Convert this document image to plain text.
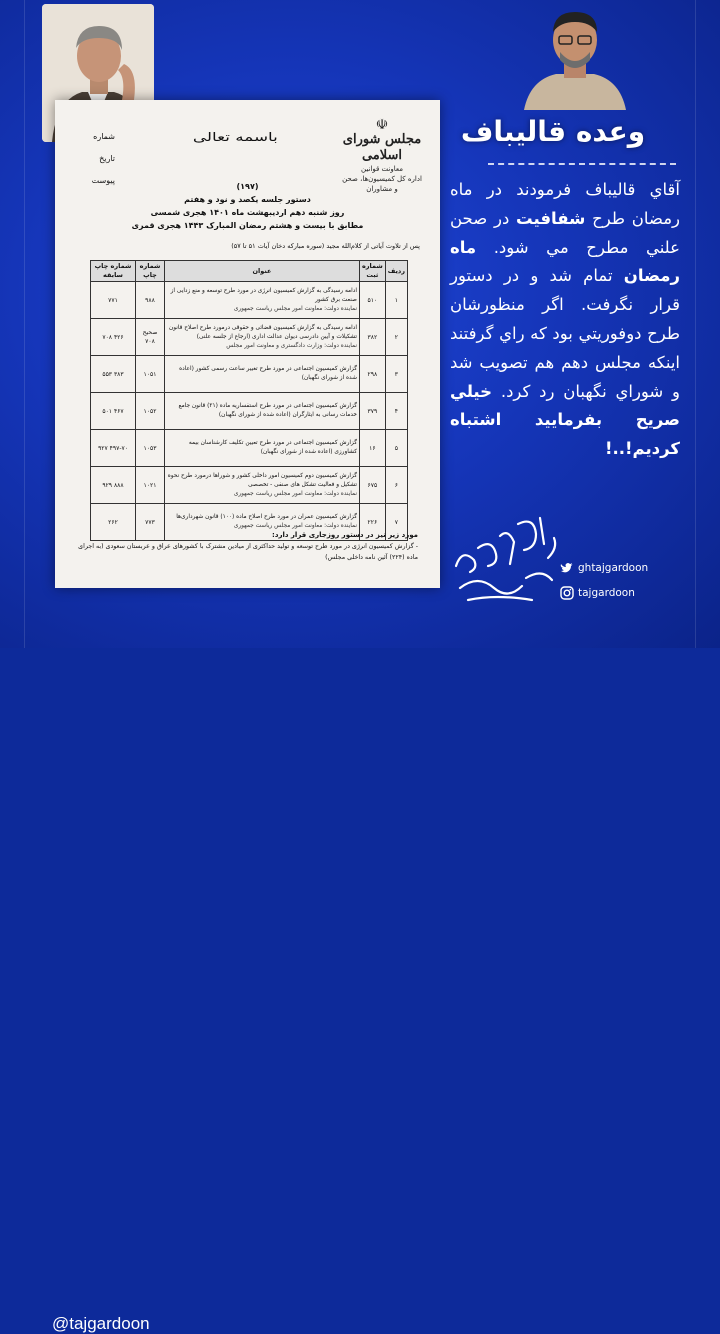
☫
مجلس شورای اسلامی
معاونت قوانین
اداره کل کمیسیون‌ها، صحن و مشاوران
شماره
تاریخ
پیوست
باسمه تعالی
(۱۹۷)
دستور جلسه یکصد و نود و هفتم
روز شنبه دهم اردیبهشت ماه ۱۴۰۱ هجری شمسی
مطابق با بیست و هشتم رمضان المبارک ۱۴۴۳ هجری قمری
پس از تلاوت آیاتی از کلام‌الله مجید (سوره مبارکه دخان آیات ۵۱ تا ۵۷)
ردیف	شماره ثبت	عنوان	شماره چاپ	شماره چاپ سابقه
۱	۵۱۰	ادامه رسیدگی به گزارش کمیسیون انرژی در مورد طرح توسعه و منع زدایی از صنعت برق کشور
نماینده دولت: معاونت امور مجلس ریاست جمهوری	۹۸۸	۷۷۱
۲	۳۸۲	ادامه رسیدگی به گزارش کمیسیون قضائی و حقوقی درمورد طرح اصلاح قانون تشکیلات و آیین دادرسی دیوان عدالت اداری (ارجاع از جلسه علنی)
نماینده دولت: وزارت دادگستری و معاونت امور مجلس	صحیح ۷۰۸	۴۲۶ ۷۰۸
۳	۲۹۸	گزارش کمیسیون اجتماعی در مورد طرح تغییر ساعت رسمی کشور (اعاده شده از شورای نگهبان)	۱۰۵۱	۳۸۳ ۵۵۳
۴	۳۷۹	گزارش کمیسیون اجتماعی در مورد طرح استفساریه ماده (۲۱) قانون جامع خدمات رسانی به ایثارگران (اعاده شده از شورای نگهبان)	۱۰۵۲	۴۶۷ ۵۰۱
۵	۱۶	گزارش کمیسیون اجتماعی در مورد طرح تعیین تکلیف کارشناسان بیمه کشاورزی (اعاده شده از شورای نگهبان)	۱۰۵۳	۴۹۷-۷۰ ۹۲۷
۶	۶۷۵	گزارش کمیسیون دوم کمیسیون امور داخلی کشور و شوراها درمورد طرح نحوه تشکیل و فعالیت تشکل های صنفی - تخصصی
نماینده دولت: معاونت امور مجلس ریاست جمهوری	۱۰۲۱	۸۸۸ ۹۲۹
۷	۲۲۶	گزارش کمیسیون عمران در مورد طرح اصلاح ماده (۱۰۰) قانون شهرداری‌ها
نماینده دولت: معاونت امور مجلس ریاست جمهوری	۷۷۳	۲۶۲
مورد زیر نیز در دستور روزجاری قرار دارد:
- گزارش کمیسیون انرژی در مورد طرح توسعه و تولید حداکثری از میادین مشترک با کشورهای عراق و عربستان سعودی (به اجرای ماده (۲۲۴) آئین نامه داخلی مجلس)
وعده قالیباف
آقاي قاليباف فرمودند در ماه رمضان طرح شفافيت در صحن علني مطرح مي شود. ماه رمضان تمام شد و در دستور قرار نگرفت. اگر منظورشان طرح دوفوريتي بود که راي گرفتند اينکه مجلس دهم هم تصويب شد و شوراي نگهبان رد کرد. خيلي صريح بفرماييد اشتباه كرديم!..!
ghtajgardoon
tajgardoon
@tajgardoon
